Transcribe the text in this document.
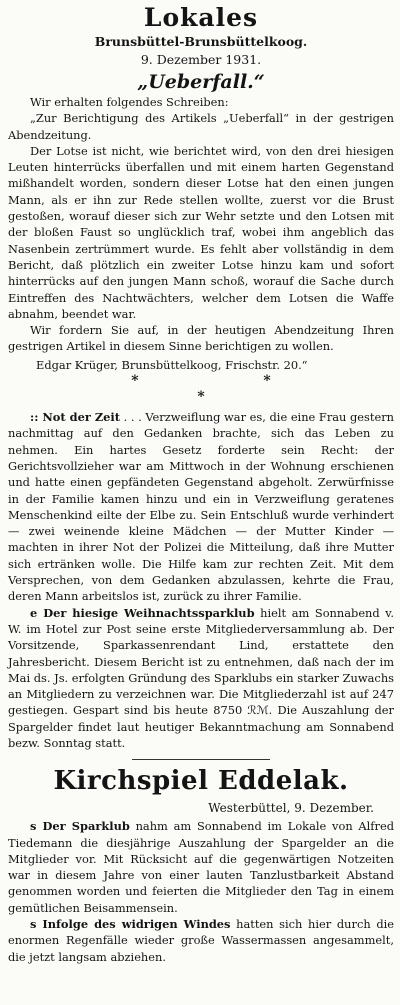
Lokales
Brunsbüttel-Brunsbüttelkoog.
9. Dezember 1931.
„Ueberfall.“

Wir erhalten folgendes Schreiben:

„Zur Berichtigung des Artikels „Ueberfall“ in der gestrigen Abendzeitung.

Der Lotse ist nicht, wie berichtet wird, von den drei hiesigen Leuten hinterrücks überfallen und mit einem harten Gegenstand mißhandelt worden, sondern dieser Lotse hat den einen jungen Mann, als er ihn zur Rede stellen wollte, zuerst vor die Brust gestoßen, worauf dieser sich zur Wehr setzte und den Lotsen mit der bloßen Faust so unglücklich traf, wobei ihm angeblich das Nasenbein zertrümmert wurde. Es fehlt aber vollständig in dem Bericht, daß plötzlich ein zweiter Lotse hinzu kam und sofort hinterrücks auf den jungen Mann schoß, worauf die Sache durch Eintreffen des Nachtwächters, welcher dem Lotsen die Waffe abnahm, beendet war.

Wir fordern Sie auf, in der heutigen Abendzeitung Ihren gestrigen Artikel in diesem Sinne berichtigen zu wollen.

Edgar Krüger, Brunsbüttelkoog, Frischstr. 20.“

* * *

:: Not der Zeit . . . Verzweiflung war es, die eine Frau gestern nachmittag auf den Gedanken brachte, sich das Leben zu nehmen. Ein hartes Gesetz forderte sein Recht: der Gerichtsvollzieher war am Mittwoch in der Wohnung erschienen und hatte einen gepfändeten Gegenstand abgeholt. Zerwürfnisse in der Familie kamen hinzu und ein in Verzweiflung geratenes Menschenkind eilte der Elbe zu. Sein Entschluß wurde verhindert — zwei weinende kleine Mädchen — der Mutter Kinder — machten in ihrer Not der Polizei die Mitteilung, daß ihre Mutter sich ertränken wolle. Die Hilfe kam zur rechten Zeit. Mit dem Versprechen, von dem Gedanken abzulassen, kehrte die Frau, deren Mann arbeitslos ist, zurück zu ihrer Familie.

e Der hiesige Weihnachtssparklub hielt am Sonnabend v. W. im Hotel zur Post seine erste Mitgliederversammlung ab. Der Vorsitzende, Sparkassenrendant Lind, erstattete den Jahresbericht. Diesem Bericht ist zu entnehmen, daß nach der im Mai ds. Js. erfolgten Gründung des Sparklubs ein starker Zuwachs an Mitgliedern zu verzeichnen war. Die Mitgliederzahl ist auf 247 gestiegen. Gespart sind bis heute 8750 ℛℳ. Die Auszahlung der Spargelder findet laut heutiger Bekanntmachung am Sonnabend bezw. Sonntag statt.

Kirchspiel Eddelak.
Westerbüttel, 9. Dezember.

s Der Sparklub nahm am Sonnabend im Lokale von Alfred Tiedemann die diesjährige Auszahlung der Spargelder an die Mitglieder vor. Mit Rücksicht auf die gegenwärtigen Notzeiten war in diesem Jahre von einer lauten Tanzlustbarkeit Abstand genommen worden und feierten die Mitglieder den Tag in einem gemütlichen Beisammensein.

s Infolge des widrigen Windes hatten sich hier durch die enormen Regenfälle wieder große Wassermassen angesammelt, die jetzt langsam abziehen.
